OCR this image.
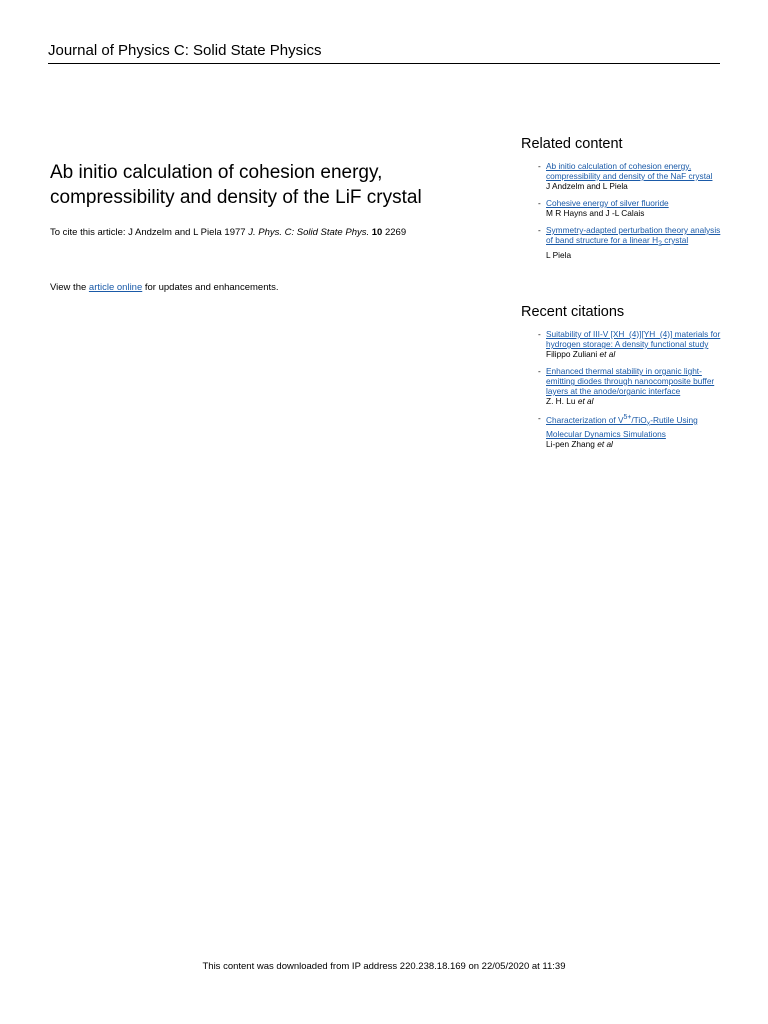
Journal of Physics C: Solid State Physics
Ab initio calculation of cohesion energy,
compressibility and density of the LiF crystal
To cite this article: J Andzelm and L Piela 1977 J. Phys. C: Solid State Phys. 10 2269
View the article online for updates and enhancements.
Related content
- Ab initio calculation of cohesion energy, compressibility and density of the NaF crystal
J Andzelm and L Piela
- Cohesive energy of silver fluoride
M R Hayns and J -L Calais
- Symmetry-adapted perturbation theory analysis of band structure for a linear $H_2$ crystal
L Piela
Recent citations
- Suitability of III-V [XH_(4)][YH_(4)] materials for hydrogen storage: A density functional study
Filippo Zuliani et al
- Enhanced thermal stability in organic light-emitting diodes through nanocomposite buffer layers at the anode/organic interface
Z. H. Lu et al
- Characterization of V$^{5+}$/TiO$_x$-Rutile Using Molecular Dynamics Simulations
Li-pen Zhang et al
This content was downloaded from IP address 220.238.18.169 on 22/05/2020 at 11:39
